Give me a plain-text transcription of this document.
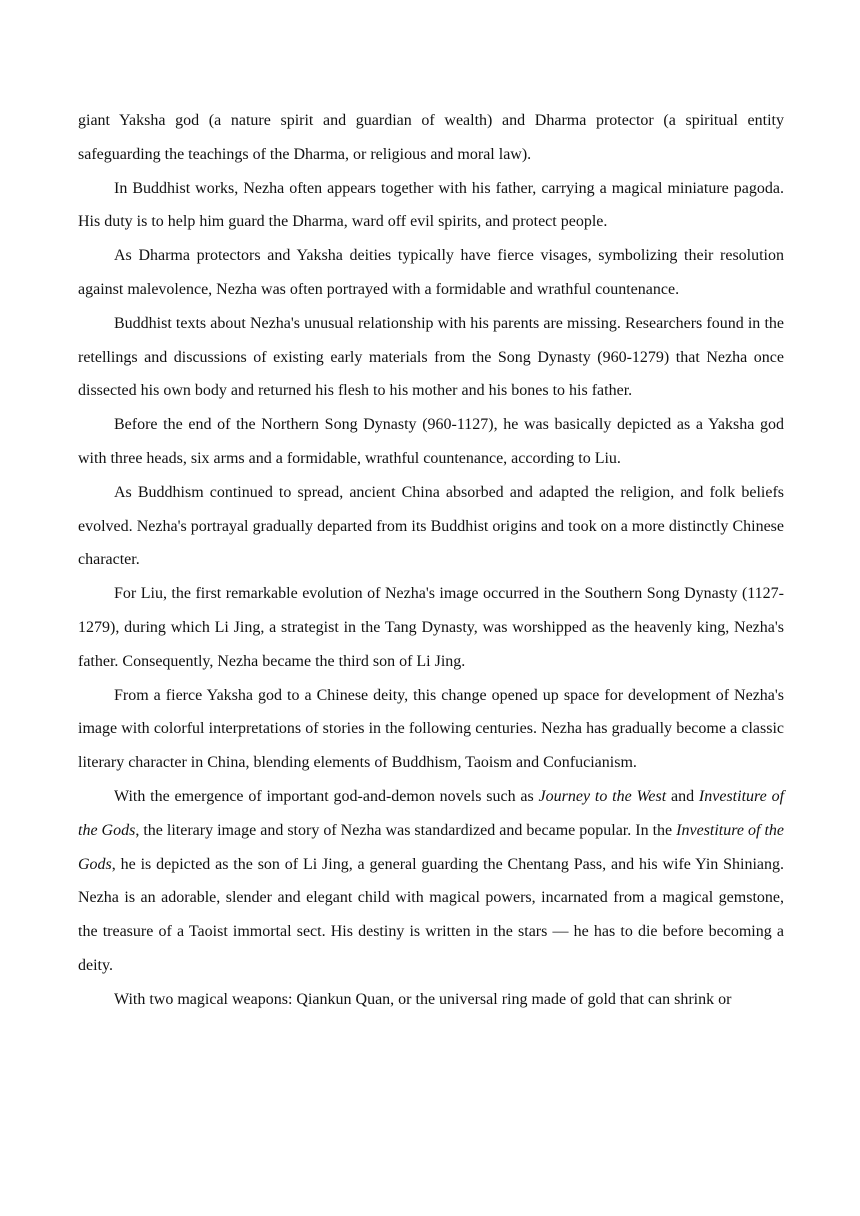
giant Yaksha god (a nature spirit and guardian of wealth) and Dharma protector (a spiritual entity safeguarding the teachings of the Dharma, or religious and moral law).

In Buddhist works, Nezha often appears together with his father, carrying a magical miniature pagoda. His duty is to help him guard the Dharma, ward off evil spirits, and protect people.

As Dharma protectors and Yaksha deities typically have fierce visages, symbolizing their resolution against malevolence, Nezha was often portrayed with a formidable and wrathful countenance.

Buddhist texts about Nezha's unusual relationship with his parents are missing. Researchers found in the retellings and discussions of existing early materials from the Song Dynasty (960-1279) that Nezha once dissected his own body and returned his flesh to his mother and his bones to his father.

Before the end of the Northern Song Dynasty (960-1127), he was basically depicted as a Yaksha god with three heads, six arms and a formidable, wrathful countenance, according to Liu.

As Buddhism continued to spread, ancient China absorbed and adapted the religion, and folk beliefs evolved. Nezha's portrayal gradually departed from its Buddhist origins and took on a more distinctly Chinese character.

For Liu, the first remarkable evolution of Nezha's image occurred in the Southern Song Dynasty (1127-1279), during which Li Jing, a strategist in the Tang Dynasty, was worshipped as the heavenly king, Nezha's father. Consequently, Nezha became the third son of Li Jing.

From a fierce Yaksha god to a Chinese deity, this change opened up space for development of Nezha's image with colorful interpretations of stories in the following centuries. Nezha has gradually become a classic literary character in China, blending elements of Buddhism, Taoism and Confucianism.

With the emergence of important god-and-demon novels such as Journey to the West and Investiture of the Gods, the literary image and story of Nezha was standardized and became popular. In the Investiture of the Gods, he is depicted as the son of Li Jing, a general guarding the Chentang Pass, and his wife Yin Shiniang. Nezha is an adorable, slender and elegant child with magical powers, incarnated from a magical gemstone, the treasure of a Taoist immortal sect. His destiny is written in the stars — he has to die before becoming a deity.

With two magical weapons: Qiankun Quan, or the universal ring made of gold that can shrink or
